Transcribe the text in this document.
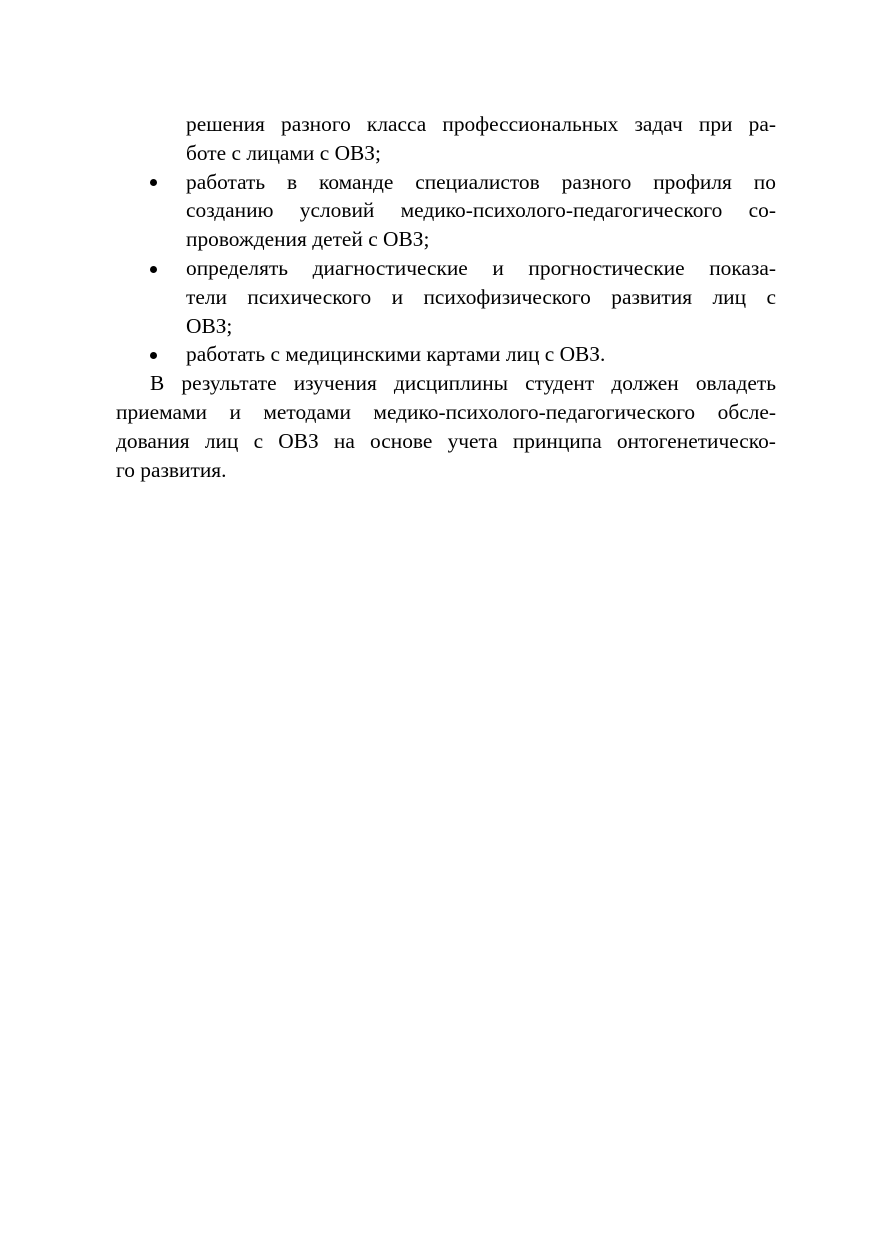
решения разного класса профессиональных задач при ра-
боте с лицами с ОВЗ;
работать в команде специалистов разного профиля по
созданию условий медико-психолого-педагогического со-
провождения детей с ОВЗ;
определять диагностические и прогностические показа-
тели психического и психофизического развития лиц с
ОВЗ;
работать с медицинскими картами лиц с ОВЗ.
В результате изучения дисциплины студент должен овладеть
приемами и методами медико-психолого-педагогического обсле-
дования лиц с ОВЗ на основе учета принципа онтогенетическо-
го развития.
